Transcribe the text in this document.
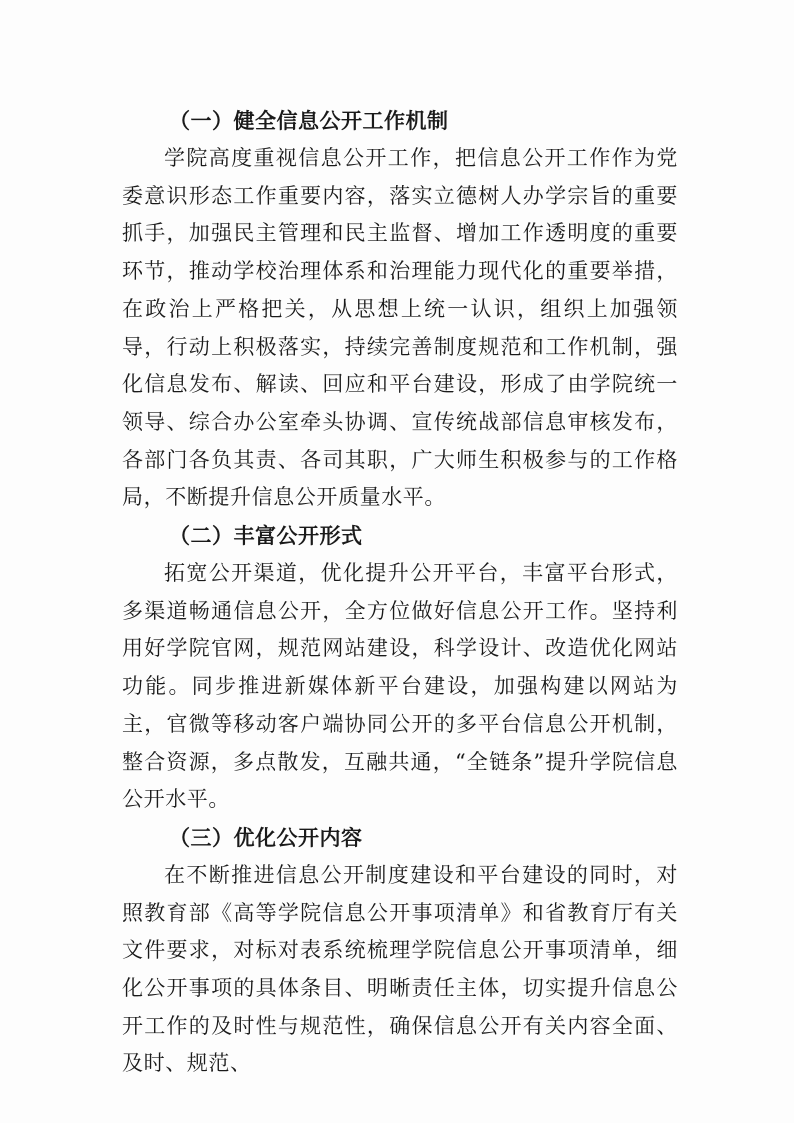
（一）健全信息公开工作机制

学院高度重视信息公开工作，把信息公开工作作为党委意识形态工作重要内容，落实立德树人办学宗旨的重要抓手，加强民主管理和民主监督、增加工作透明度的重要环节，推动学校治理体系和治理能力现代化的重要举措，在政治上严格把关，从思想上统一认识，组织上加强领导，行动上积极落实，持续完善制度规范和工作机制，强化信息发布、解读、回应和平台建设，形成了由学院统一领导、综合办公室牵头协调、宣传统战部信息审核发布，各部门各负其责、各司其职，广大师生积极参与的工作格局，不断提升信息公开质量水平。

（二）丰富公开形式

拓宽公开渠道，优化提升公开平台，丰富平台形式，多渠道畅通信息公开，全方位做好信息公开工作。坚持利用好学院官网，规范网站建设，科学设计、改造优化网站功能。同步推进新媒体新平台建设，加强构建以网站为主，官微等移动客户端协同公开的多平台信息公开机制，整合资源，多点散发，互融共通，“全链条”提升学院信息公开水平。

（三）优化公开内容

在不断推进信息公开制度建设和平台建设的同时，对照教育部《高等学院信息公开事项清单》和省教育厅有关文件要求，对标对表系统梳理学院信息公开事项清单，细化公开事项的具体条目、明晰责任主体，切实提升信息公开工作的及时性与规范性，确保信息公开有关内容全面、及时、规范、
